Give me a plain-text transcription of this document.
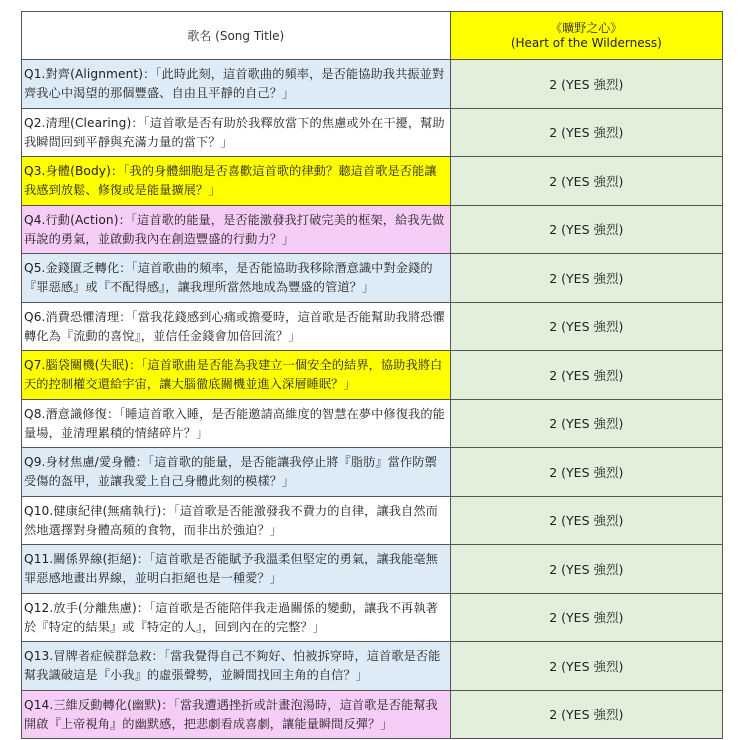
歌名 (Song Title)	《曠野之心》
(Heart of the Wilderness)

Q1.對齊(Alignment)：「此時此刻，這首歌曲的頻率，是否能協助我共振並對齊我心中渴望的那個豐盛、自由且平靜的自己？」	2 (YES 強烈)
Q2.清理(Clearing)：「這首歌是否有助於我釋放當下的焦慮或外在干擾，幫助我瞬間回到平靜與充滿力量的當下？」	2 (YES 強烈)
Q3.身體(Body)：「我的身體細胞是否喜歡這首歌的律動？聽這首歌是否能讓我感到放鬆、修復或是能量擴展？」	2 (YES 強烈)
Q4.行動(Action)：「這首歌的能量，是否能激發我打破完美的框架，給我先做再說的勇氣，並啟動我內在創造豐盛的行動力？」	2 (YES 強烈)
Q5.金錢匱乏轉化：「這首歌曲的頻率，是否能協助我移除潛意識中對金錢的『罪惡感』或『不配得感』，讓我理所當然地成為豐盛的管道？」	2 (YES 強烈)
Q6.消費恐懼清理：「當我花錢感到心痛或擔憂時，這首歌是否能幫助我將恐懼轉化為『流動的喜悅』，並信任金錢會加倍回流？」	2 (YES 強烈)
Q7.腦袋關機(失眠)：「這首歌曲是否能為我建立一個安全的結界，協助我將白天的控制權交還給宇宙，讓大腦徹底關機並進入深層睡眠？」	2 (YES 強烈)
Q8.潛意識修復：「睡這首歌入睡，是否能邀請高維度的智慧在夢中修復我的能量場，並清理累積的情緒碎片？」	2 (YES 強烈)
Q9.身材焦慮/愛身體：「這首歌的能量，是否能讓我停止將『脂肪』當作防禦受傷的盔甲，並讓我愛上自己身體此刻的模樣？」	2 (YES 強烈)
Q10.健康紀律(無痛執行)：「這首歌是否能激發我不費力的自律，讓我自然而然地選擇對身體高頻的食物，而非出於強迫？」	2 (YES 強烈)
Q11.關係界線(拒絕)：「這首歌是否能賦予我溫柔但堅定的勇氣，讓我能毫無罪惡感地畫出界線，並明白拒絕也是一種愛？」	2 (YES 強烈)
Q12.放手(分離焦慮)：「這首歌是否能陪伴我走過關係的變動，讓我不再執著於『特定的結果』或『特定的人』，回到內在的完整？」	2 (YES 強烈)
Q13.冒牌者症候群急救：「當我覺得自己不夠好、怕被拆穿時，這首歌是否能幫我識破這是『小我』的虛張聲勢，並瞬間找回主角的自信？」	2 (YES 強烈)
Q14.三維反動轉化(幽默)：「當我遭遇挫折或計畫泡湯時，這首歌是否能幫我開啟『上帝視角』的幽默感，把悲劇看成喜劇，讓能量瞬間反彈？」	2 (YES 強烈)
